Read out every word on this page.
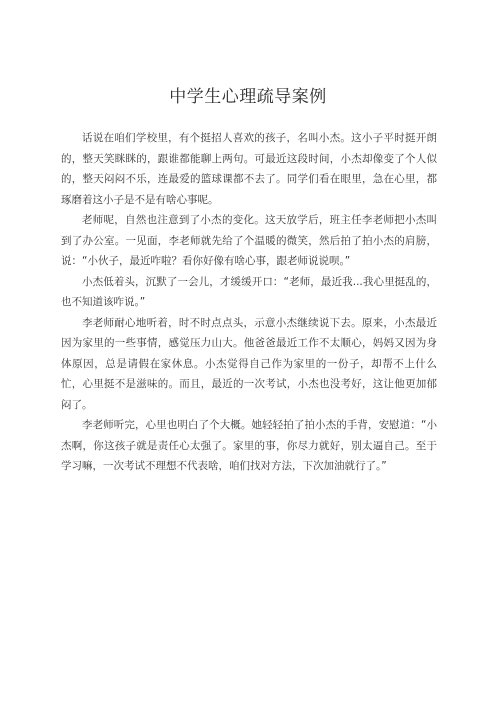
中学生心理疏导案例

话说在咱们学校里，有个挺招人喜欢的孩子，名叫小杰。这小子平时挺开朗的，整天笑眯眯的，跟谁都能聊上两句。可最近这段时间，小杰却像变了个人似的，整天闷闷不乐，连最爱的篮球课都不去了。同学们看在眼里，急在心里，都琢磨着这小子是不是有啥心事呢。

老师呢，自然也注意到了小杰的变化。这天放学后，班主任李老师把小杰叫到了办公室。一见面，李老师就先给了个温暖的微笑，然后拍了拍小杰的肩膀，说：“小伙子，最近咋啦？看你好像有啥心事，跟老师说说呗。”

小杰低着头，沉默了一会儿，才缓缓开口：“老师，最近我...我心里挺乱的，也不知道该咋说。”

李老师耐心地听着，时不时点点头，示意小杰继续说下去。原来，小杰最近因为家里的一些事情，感觉压力山大。他爸爸最近工作不太顺心，妈妈又因为身体原因，总是请假在家休息。小杰觉得自己作为家里的一份子，却帮不上什么忙，心里挺不是滋味的。而且，最近的一次考试，小杰也没考好，这让他更加郁闷了。

李老师听完，心里也明白了个大概。她轻轻拍了拍小杰的手背，安慰道：“小杰啊，你这孩子就是责任心太强了。家里的事，你尽力就好，别太逼自己。至于学习嘛，一次考试不理想不代表啥，咱们找对方法，下次加油就行了。”
